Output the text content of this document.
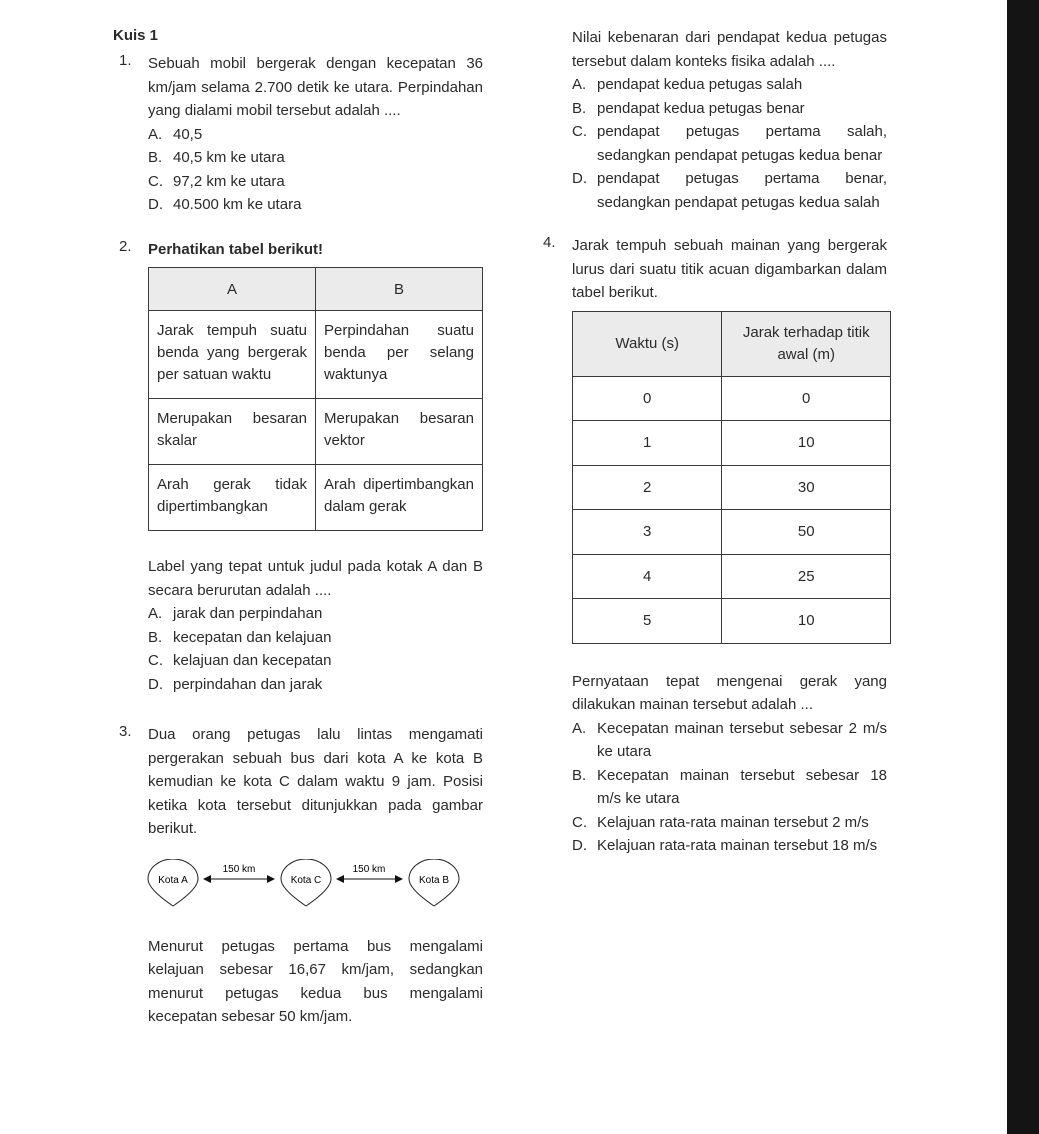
Kuis 1
1. Sebuah mobil bergerak dengan kecepatan 36 km/jam selama 2.700 detik ke utara. Perpindahan yang dialami mobil tersebut adalah ....

A. 40,5
B. 40,5 km ke utara
C. 97,2 km ke utara
D. 40.500 km ke utara
2. Perhatikan tabel berikut!

A	B
Jarak tempuh suatu benda yang bergerak per satuan waktu	Perpindahan suatu benda per selang waktunya
Merupakan besaran skalar	Merupakan besaran vektor
Arah gerak tidak dipertimbangkan	Arah dipertimbangkan dalam gerak

Label yang tepat untuk judul pada kotak A dan B secara berurutan adalah ....

A. jarak dan perpindahan
B. kecepatan dan kelajuan
C. kelajuan dan kecepatan
D. perpindahan dan jarak
3. Dua orang petugas lalu lintas mengamati pergerakan sebuah bus dari kota A ke kota B kemudian ke kota C dalam waktu 9 jam. Posisi ketika kota tersebut ditunjukkan pada gambar berikut.

Kota A	Kota C	Kota B
150 km	150 km

Menurut petugas pertama bus mengalami kelajuan sebesar 16,67 km/jam, sedangkan menurut petugas kedua bus mengalami kecepatan sebesar 50 km/jam.

Nilai kebenaran dari pendapat kedua petugas tersebut dalam konteks fisika adalah ....

A. pendapat kedua petugas salah
B. pendapat kedua petugas benar
C. pendapat petugas pertama salah, sedangkan pendapat petugas kedua benar
D. pendapat petugas pertama benar, sedangkan pendapat petugas kedua salah
4. Jarak tempuh sebuah mainan yang bergerak lurus dari suatu titik acuan digambarkan dalam tabel berikut.

Waktu (s)	Jarak terhadap titik awal (m)
0	0
1	10
2	30
3	50
4	25
5	10

Pernyataan tepat mengenai gerak yang dilakukan mainan tersebut adalah ...

A. Kecepatan mainan tersebut sebesar 2 m/s ke utara
B. Kecepatan mainan tersebut sebesar 18 m/s ke utara
C. Kelajuan rata-rata mainan tersebut 2 m/s
D. Kelajuan rata-rata mainan tersebut 18 m/s
